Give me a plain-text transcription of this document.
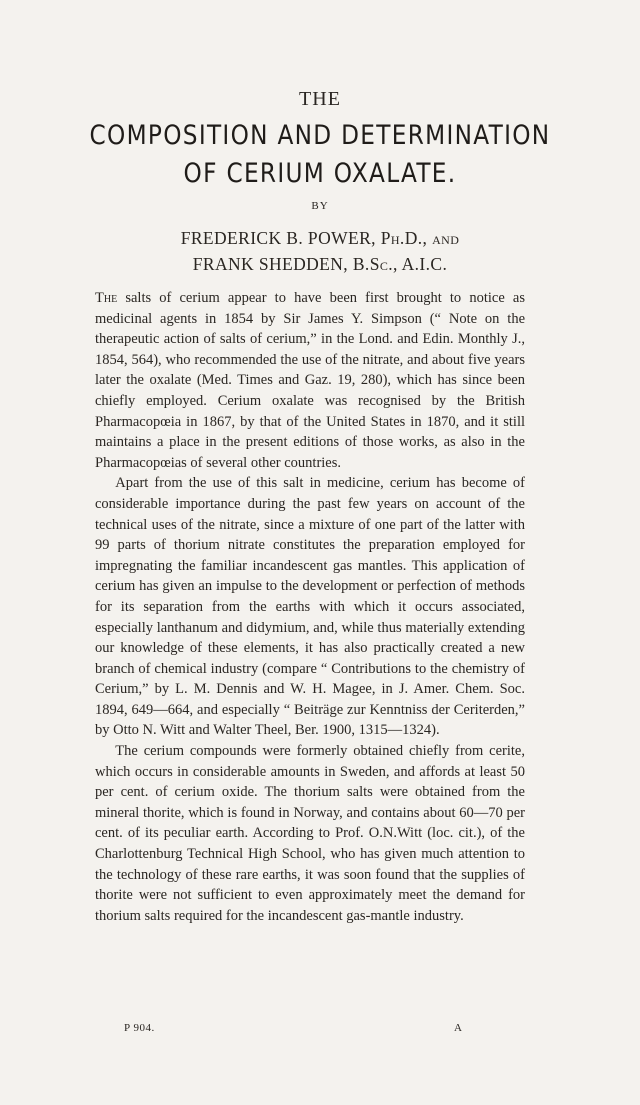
THE
COMPOSITION AND DETERMINATION
OF CERIUM OXALATE.
BY
FREDERICK B. POWER, Ph.D., and
FRANK SHEDDEN, B.Sc., A.I.C.

The salts of cerium appear to have been first brought to notice as medicinal agents in 1854 by Sir James Y. Simpson (“ Note on the therapeutic action of salts of cerium,” in the Lond. and Edin. Monthly J., 1854, 564), who recommended the use of the nitrate, and about five years later the oxalate (Med. Times and Gaz. 19, 280), which has since been chiefly employed. Cerium oxalate was recognised by the British Pharmacopœia in 1867, by that of the United States in 1870, and it still maintains a place in the present editions of those works, as also in the Pharmacopœias of several other countries.

Apart from the use of this salt in medicine, cerium has become of considerable importance during the past few years on account of the technical uses of the nitrate, since a mixture of one part of the latter with 99 parts of thorium nitrate constitutes the preparation employed for impregnating the familiar incandescent gas mantles. This application of cerium has given an impulse to the development or perfection of methods for its separation from the earths with which it occurs associated, especially lanthanum and didymium, and, while thus materially extending our knowledge of these elements, it has also practically created a new branch of chemical industry (compare “ Contributions to the chemistry of Cerium,” by L. M. Dennis and W. H. Magee, in J. Amer. Chem. Soc. 1894, 649—664, and especially “ Beiträge zur Kenntniss der Ceriterden,” by Otto N. Witt and Walter Theel, Ber. 1900, 1315—1324).

The cerium compounds were formerly obtained chiefly from cerite, which occurs in considerable amounts in Sweden, and affords at least 50 per cent. of cerium oxide. The thorium salts were obtained from the mineral thorite, which is found in Norway, and contains about 60—70 per cent. of its peculiar earth. According to Prof. O.N.Witt (loc. cit.), of the Charlottenburg Technical High School, who has given much attention to the technology of these rare earths, it was soon found that the supplies of thorite were not sufficient to even approximately meet the demand for thorium salts required for the incandescent gas-mantle industry.

P 904.	A
